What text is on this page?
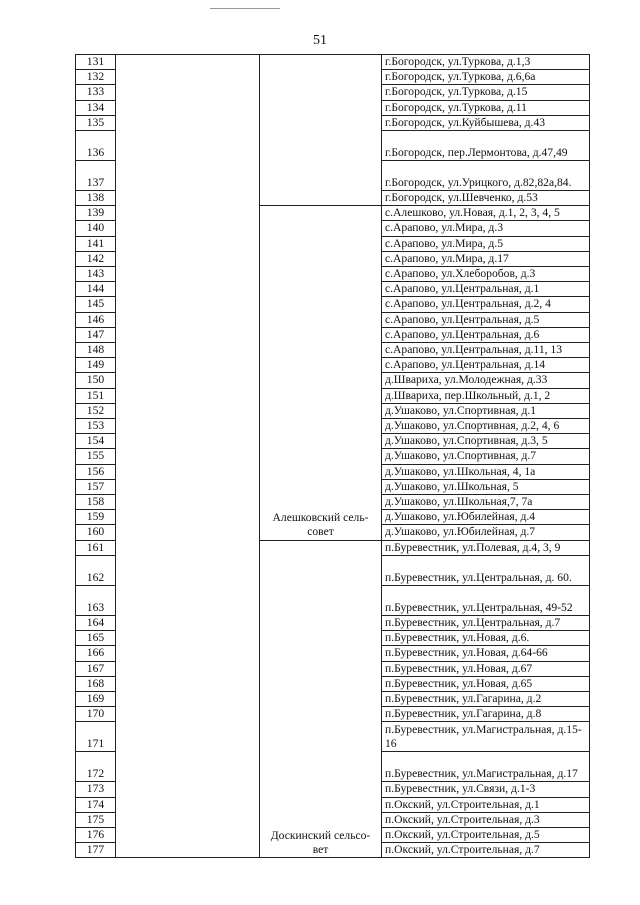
51
131			г.Богородск, ул.Туркова, д.1,3
132			г.Богородск, ул.Туркова, д.6,6а
133			г.Богородск, ул.Туркова, д.15
134			г.Богородск, ул.Туркова, д.11
135			г.Богородск, ул.Куйбышева, д.43
136			г.Богородск, пер.Лермонтова, д.47,49
137			г.Богородск, ул.Урицкого, д.82,82а,84.
138			г.Богородск, ул.Шевченко, д.53
139		Алешковский сель-совет	с.Алешково, ул.Новая, д.1, 2, 3, 4, 5
140			с.Арапово, ул.Мира, д.3
141			с.Арапово, ул.Мира, д.5
142			с.Арапово, ул.Мира, д.17
143			с.Арапово, ул.Хлеборобов, д.3
144			с.Арапово, ул.Центральная, д.1
145			с.Арапово, ул.Центральная, д.2, 4
146			с.Арапово, ул.Центральная, д.5
147			с.Арапово, ул.Центральная, д.6
148			с.Арапово, ул.Центральная, д.11, 13
149			с.Арапово, ул.Центральная, д.14
150			д.Швариха, ул.Молодежная, д.33
151			д.Швариха, пер.Школьный, д.1, 2
152			д.Ушаково, ул.Спортивная, д.1
153			д.Ушаково, ул.Спортивная, д.2, 4, 6
154			д.Ушаково, ул.Спортивная, д.3, 5
155			д.Ушаково, ул.Спортивная, д.7
156			д.Ушаково, ул.Школьная, 4, 1а
157			д.Ушаково, ул.Школьная, 5
158			д.Ушаково, ул.Школьная,7, 7а
159			д.Ушаково, ул.Юбилейная, д.4
160			д.Ушаково, ул.Юбилейная, д.7
161		Доскинский сельсо-вет	п.Буревестник, ул.Полевая, д.4, 3, 9
162			п.Буревестник, ул.Центральная, д. 60.
163			п.Буревестник, ул.Центральная, 49-52
164			п.Буревестник, ул.Центральная, д.7
165			п.Буревестник, ул.Новая, д.6.
166			п.Буревестник, ул.Новая, д.64-66
167			п.Буревестник, ул.Новая, д.67
168			п.Буревестник, ул.Новая, д.65
169			п.Буревестник, ул.Гагарина, д.2
170			п.Буревестник, ул.Гагарина, д.8
171			п.Буревестник, ул.Магистральная, д.15-16
172			п.Буревестник, ул.Магистральная, д.17
173			п.Буревестник, ул.Связи, д.1-3
174			п.Окский, ул.Строительная, д.1
175			п.Окский, ул.Строительная, д.3
176			п.Окский, ул.Строительная, д.5
177			п.Окский, ул.Строительная, д.7
